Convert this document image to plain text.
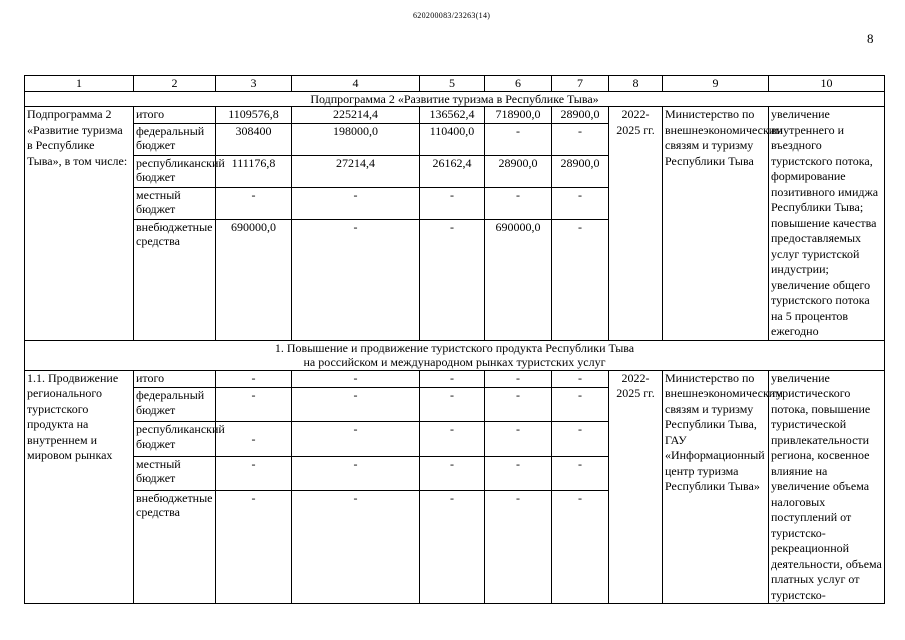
620200083/23263(14)
8
1	2	3	4	5	6	7	8	9	10
Подпрограмма 2 «Развитие туризма в Республике Тыва»									
Подпрограмма 2 «Развитие туризма в Республике Тыва», в том числе:	итого	1109576,8	225214,4	136562,4	718900,0	28900,0	2022-2025 гг.	Министерство по внешнеэкономическим связям и туризму Республики Тыва	увеличение внутреннего и въездного туристского потока, формирование позитивного имиджа Республики Тыва; повышение качества предоставляемых услуг туристской индустрии; увеличение общего туристского потока на 5 процентов ежегодно
	федеральный бюджет	308400	198000,0	110400,0	-	-			
	республиканский бюджет	111176,8	27214,4	26162,4	28900,0	28900,0			
	местный бюджет	-	-	-	-	-			
	внебюджетные средства	690000,0	-	-	690000,0	-			

1. Повышение и продвижение туристского продукта Республики Тыва
на российском и международном рынках туристских услуг									

1.1. Продвижение регионального туристского продукта на внутреннем и мировом рынках	итого	-	-	-	-	-	2022-2025 гг.	Министерство по внешнеэкономическим связям и туризму Республики Тыва, ГАУ «Информационный центр туризма Республики Тыва»	увеличение туристического потока, повышение туристической привлекательности региона, косвенное влияние на увеличение объема налоговых поступлений от туристско-рекреационной деятельности, объема платных услуг от туристско-
	федеральный бюджет	-	-	-	-	-			
	республиканский бюджет	-	-	-	-	-			
	местный бюджет	-	-	-	-	-			
	внебюджетные средства	-	-	-	-	-			
